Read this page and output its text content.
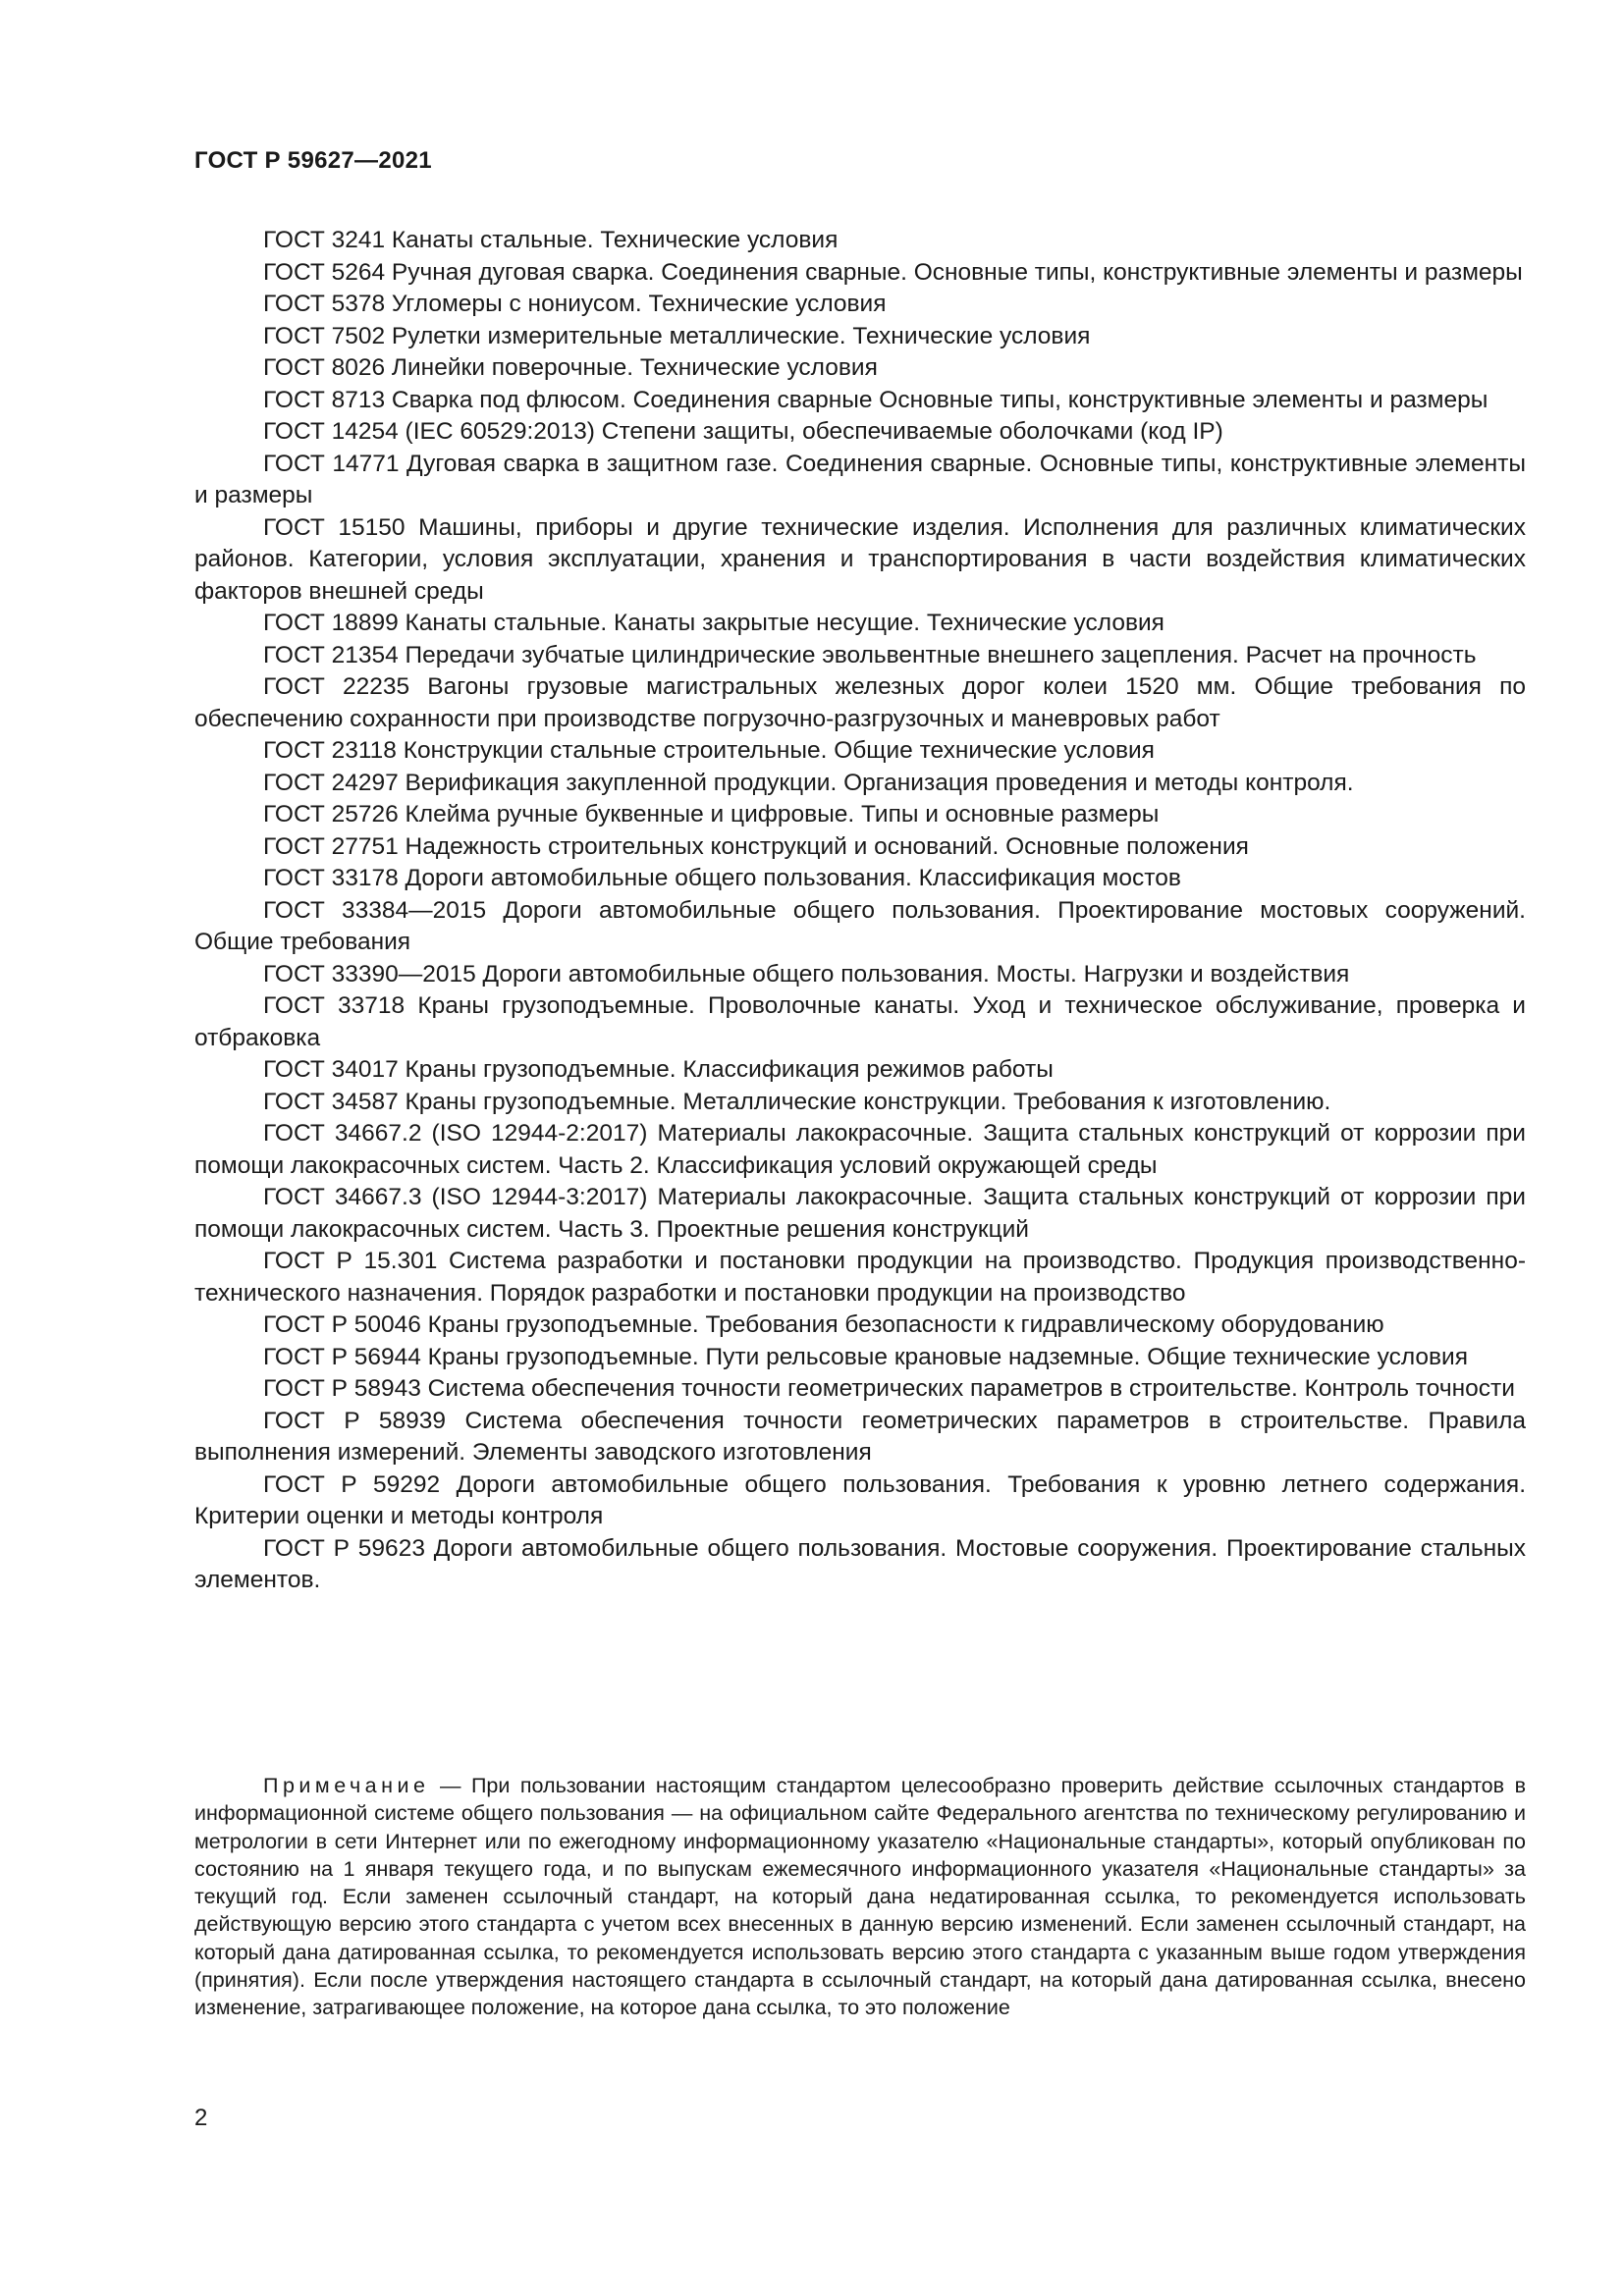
ГОСТ Р 59627—2021
ГОСТ 3241 Канаты стальные. Технические условия
ГОСТ 5264 Ручная дуговая сварка. Соединения сварные. Основные типы, конструктивные элементы и размеры
ГОСТ 5378 Угломеры с нониусом. Технические условия
ГОСТ 7502 Рулетки измерительные металлические. Технические условия
ГОСТ 8026 Линейки поверочные. Технические условия
ГОСТ 8713 Сварка под флюсом. Соединения сварные Основные типы, конструктивные элементы и размеры
ГОСТ 14254 (IEC 60529:2013) Степени защиты, обеспечиваемые оболочками (код IP)
ГОСТ 14771 Дуговая сварка в защитном газе. Соединения сварные. Основные типы, конструктивные элементы и размеры
ГОСТ 15150 Машины, приборы и другие технические изделия. Исполнения для различных климатических районов. Категории, условия эксплуатации, хранения и транспортирования в части воздействия климатических факторов внешней среды
ГОСТ 18899 Канаты стальные. Канаты закрытые несущие. Технические условия
ГОСТ 21354 Передачи зубчатые цилиндрические эвольвентные внешнего зацепления. Расчет на прочность
ГОСТ 22235 Вагоны грузовые магистральных железных дорог колеи 1520 мм. Общие требования по обеспечению сохранности при производстве погрузочно-разгрузочных и маневровых работ
ГОСТ 23118 Конструкции стальные строительные. Общие технические условия
ГОСТ 24297 Верификация закупленной продукции. Организация проведения и методы контроля.
ГОСТ 25726 Клейма ручные буквенные и цифровые. Типы и основные размеры
ГОСТ 27751 Надежность строительных конструкций и оснований. Основные положения
ГОСТ 33178 Дороги автомобильные общего пользования. Классификация мостов
ГОСТ 33384—2015 Дороги автомобильные общего пользования. Проектирование мостовых сооружений. Общие требования
ГОСТ 33390—2015 Дороги автомобильные общего пользования. Мосты. Нагрузки и воздействия
ГОСТ 33718 Краны грузоподъемные. Проволочные канаты. Уход и техническое обслуживание, проверка и отбраковка
ГОСТ 34017 Краны грузоподъемные. Классификация режимов работы
ГОСТ 34587 Краны грузоподъемные. Металлические конструкции. Требования к изготовлению.
ГОСТ 34667.2 (ISO 12944-2:2017) Материалы лакокрасочные. Защита стальных конструкций от коррозии при помощи лакокрасочных систем. Часть 2. Классификация условий окружающей среды
ГОСТ 34667.3 (ISO 12944-3:2017) Материалы лакокрасочные. Защита стальных конструкций от коррозии при помощи лакокрасочных систем. Часть 3. Проектные решения конструкций
ГОСТ Р 15.301 Система разработки и постановки продукции на производство. Продукция производственно-технического назначения. Порядок разработки и постановки продукции на производство
ГОСТ Р 50046 Краны грузоподъемные. Требования безопасности к гидравлическому оборудованию
ГОСТ Р 56944 Краны грузоподъемные. Пути рельсовые крановые надземные. Общие технические условия
ГОСТ Р 58943 Система обеспечения точности геометрических параметров в строительстве. Контроль точности
ГОСТ Р 58939 Система обеспечения точности геометрических параметров в строительстве. Правила выполнения измерений. Элементы заводского изготовления
ГОСТ Р 59292 Дороги автомобильные общего пользования. Требования к уровню летнего содержания. Критерии оценки и методы контроля
ГОСТ Р 59623 Дороги автомобильные общего пользования. Мостовые сооружения. Проектирование стальных элементов.

Примечание — При пользовании настоящим стандартом целесообразно проверить действие ссылочных стандартов в информационной системе общего пользования — на официальном сайте Федерального агентства по техническому регулированию и метрологии в сети Интернет или по ежегодному информационному указателю «Национальные стандарты», который опубликован по состоянию на 1 января текущего года, и по выпускам ежемесячного информационного указателя «Национальные стандарты» за текущий год. Если заменен ссылочный стандарт, на который дана недатированная ссылка, то рекомендуется использовать действующую версию этого стандарта с учетом всех внесенных в данную версию изменений. Если заменен ссылочный стандарт, на который дана датированная ссылка, то рекомендуется использовать версию этого стандарта с указанным выше годом утверждения (принятия). Если после утверждения настоящего стандарта в ссылочный стандарт, на который дана датированная ссылка, внесено изменение, затрагивающее положение, на которое дана ссылка, то это положение

2
